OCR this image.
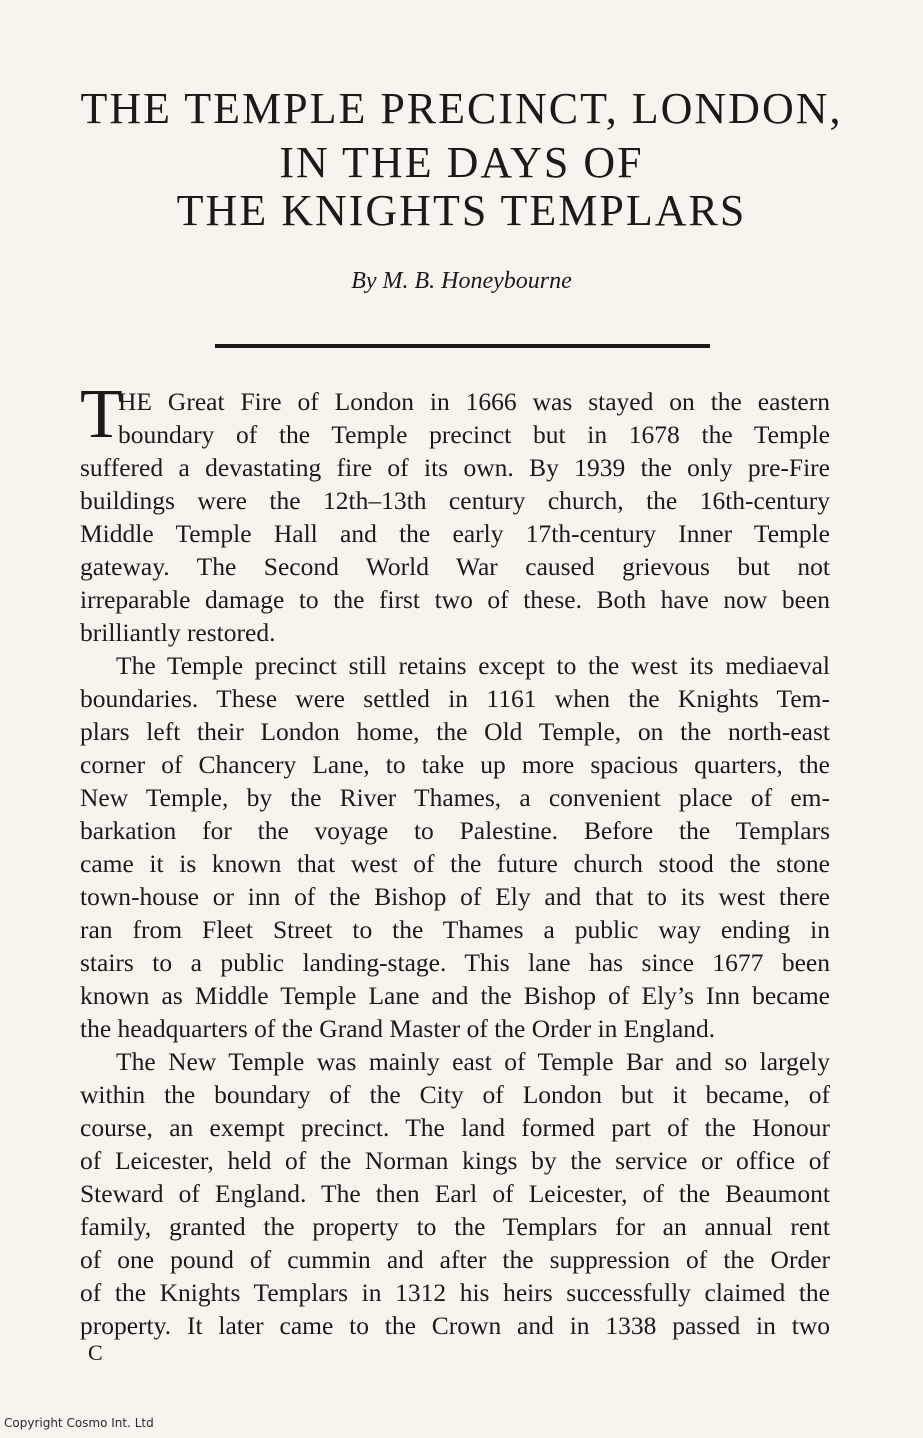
THE TEMPLE PRECINCT, LONDON,
IN THE DAYS OF
THE KNIGHTS TEMPLARS
By M. B. Honeybourne
T
HE Great Fire of London in 1666 was stayed on the eastern
boundary of the Temple precinct but in 1678 the Temple
suffered a devastating fire of its own. By 1939 the only pre-Fire
buildings were the 12th–13th century church, the 16th-century
Middle Temple Hall and the early 17th-century Inner Temple
gateway. The Second World War caused grievous but not
irreparable damage to the first two of these. Both have now been
brilliantly restored.
The Temple precinct still retains except to the west its mediaeval
boundaries. These were settled in 1161 when the Knights Tem-
plars left their London home, the Old Temple, on the north-east
corner of Chancery Lane, to take up more spacious quarters, the
New Temple, by the River Thames, a convenient place of em-
barkation for the voyage to Palestine. Before the Templars
came it is known that west of the future church stood the stone
town-house or inn of the Bishop of Ely and that to its west there
ran from Fleet Street to the Thames a public way ending in
stairs to a public landing-stage. This lane has since 1677 been
known as Middle Temple Lane and the Bishop of Ely’s Inn became
the headquarters of the Grand Master of the Order in England.
The New Temple was mainly east of Temple Bar and so largely
within the boundary of the City of London but it became, of
course, an exempt precinct. The land formed part of the Honour
of Leicester, held of the Norman kings by the service or office of
Steward of England. The then Earl of Leicester, of the Beaumont
family, granted the property to the Templars for an annual rent
of one pound of cummin and after the suppression of the Order
of the Knights Templars in 1312 his heirs successfully claimed the
property. It later came to the Crown and in 1338 passed in two
C
Copyright Cosmo Int. Ltd
